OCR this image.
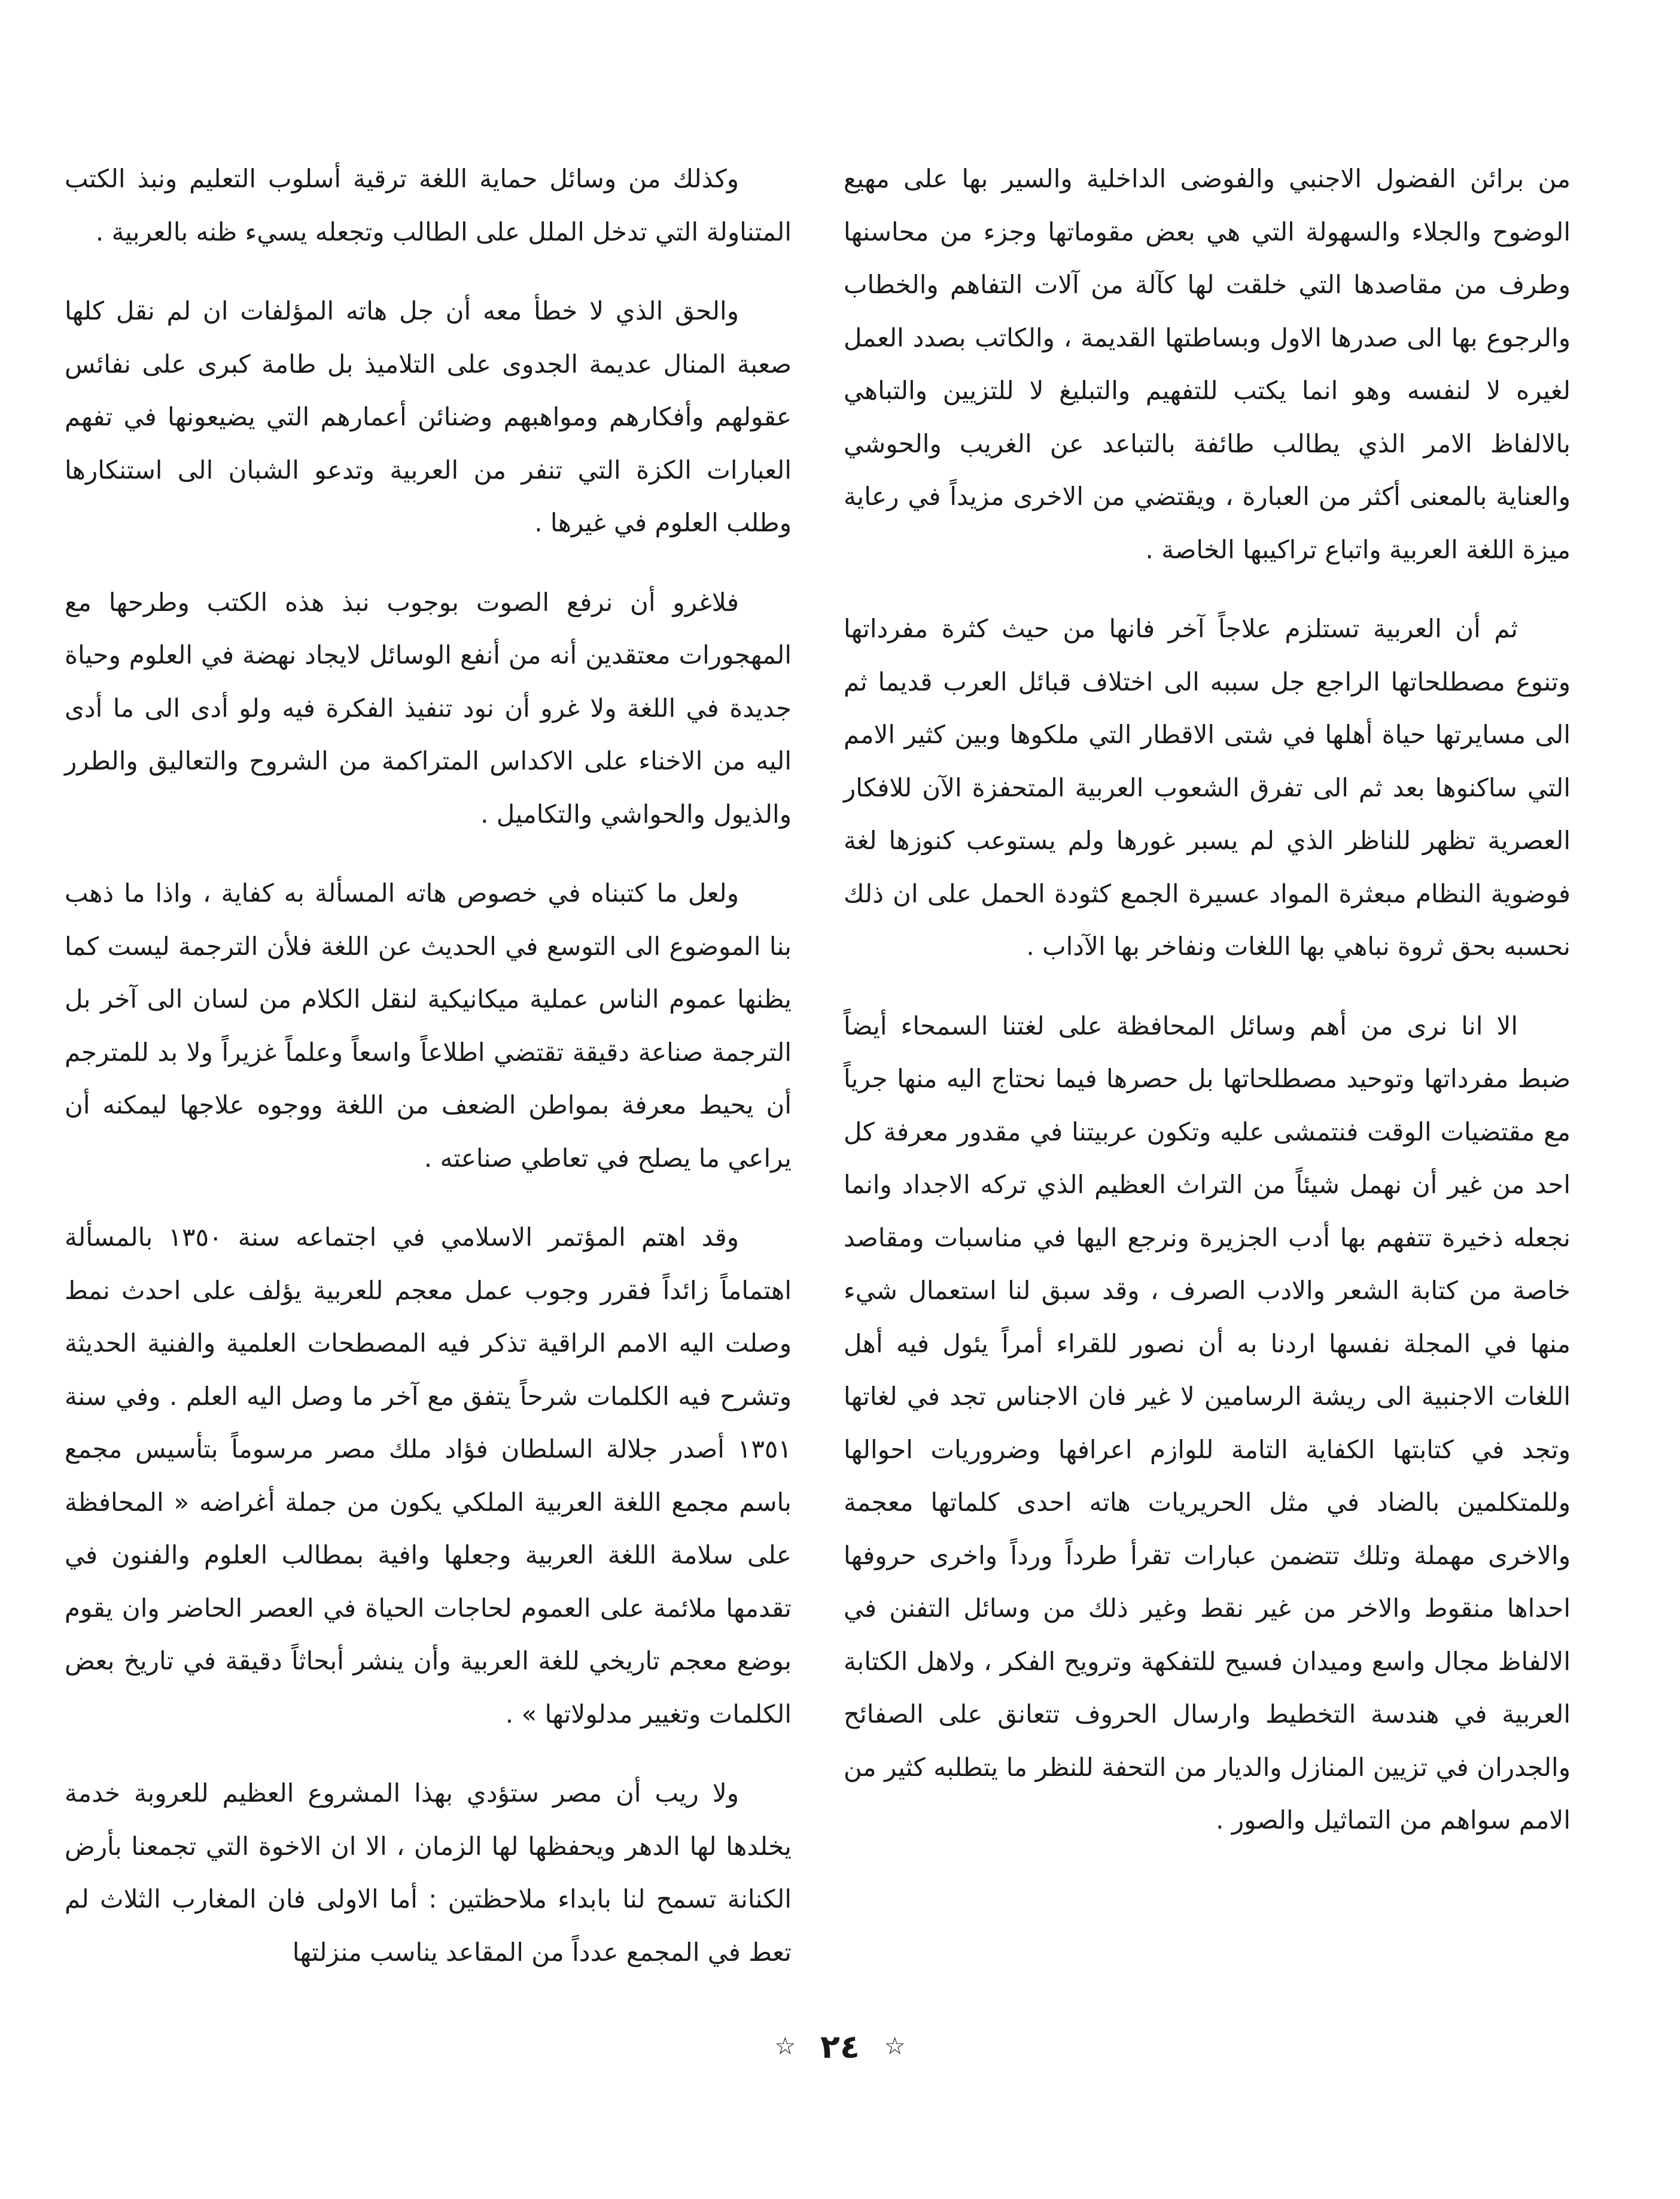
من برائن الفضول الاجنبي والفوضى الداخلية والسير بها على مهيع الوضوح والجلاء والسهولة التي هي بعض مقوماتها وجزء من محاسنها وطرف من مقاصدها التي خلقت لها كآلة من آلات التفاهم والخطاب والرجوع بها الى صدرها الاول وبساطتها القديمة ، والكاتب بصدد العمل لغيره لا لنفسه وهو انما يكتب للتفهيم والتبليغ لا للتزيين والتباهي بالالفاظ الامر الذي يطالب طائفة بالتباعد عن الغريب والحوشي والعناية بالمعنى أكثر من العبارة ، ويقتضي من الاخرى مزيداً في رعاية ميزة اللغة العربية واتباع تراكيبها الخاصة .

ثم أن العربية تستلزم علاجاً آخر فانها من حيث كثرة مفرداتها وتنوع مصطلحاتها الراجع جل سببه الى اختلاف قبائل العرب قديما ثم الى مسايرتها حياة أهلها في شتى الاقطار التي ملكوها وبين كثير الامم التي ساكنوها بعد ثم الى تفرق الشعوب العربية المتحفزة الآن للافكار العصرية تظهر للناظر الذي لم يسبر غورها ولم يستوعب كنوزها لغة فوضوية النظام مبعثرة المواد عسيرة الجمع كثودة الحمل على ان ذلك نحسبه بحق ثروة نباهي بها اللغات ونفاخر بها الآداب .

الا انا نرى من أهم وسائل المحافظة على لغتنا السمحاء أيضاً ضبط مفرداتها وتوحيد مصطلحاتها بل حصرها فيما نحتاج اليه منها جرياً مع مقتضيات الوقت فنتمشى عليه وتكون عربيتنا في مقدور معرفة كل احد من غير أن نهمل شيئاً من التراث العظيم الذي تركه الاجداد وانما نجعله ذخيرة تتفهم بها أدب الجزيرة ونرجع اليها في مناسبات ومقاصد خاصة من كتابة الشعر والادب الصرف ، وقد سبق لنا استعمال شيء منها في المجلة نفسها اردنا به أن نصور للقراء أمراً يئول فيه أهل اللغات الاجنبية الى ريشة الرسامين لا غير فان الاجناس تجد في لغاتها وتجد في كتابتها الكفاية التامة للوازم اعرافها وضروريات احوالها وللمتكلمين بالضاد في مثل الحريريات هاته احدى كلماتها معجمة والاخرى مهملة وتلك تتضمن عبارات تقرأ طرداً ورداً واخرى حروفها احداها منقوط والاخر من غير نقط وغير ذلك من وسائل التفنن في الالفاظ مجال واسع وميدان فسيح للتفكهة وترويح الفكر ، ولاهل الكتابة العربية في هندسة التخطيط وارسال الحروف تتعانق على الصفائح والجدران في تزيين المنازل والديار من التحفة للنظر ما يتطلبه كثير من الامم سواهم من التماثيل والصور .

وكذلك من وسائل حماية اللغة ترقية أسلوب التعليم ونبذ الكتب المتناولة التي تدخل الملل على الطالب وتجعله يسيء ظنه بالعربية .

والحق الذي لا خطأ معه أن جل هاته المؤلفات ان لم نقل كلها صعبة المنال عديمة الجدوى على التلاميذ بل طامة كبرى على نفائس عقولهم وأفكارهم ومواهبهم وضنائن أعمارهم التي يضيعونها في تفهم العبارات الكزة التي تنفر من العربية وتدعو الشبان الى استنكارها وطلب العلوم في غيرها .

فلاغرو أن نرفع الصوت بوجوب نبذ هذه الكتب وطرحها مع المهجورات معتقدين أنه من أنفع الوسائل لايجاد نهضة في العلوم وحياة جديدة في اللغة ولا غرو أن نود تنفيذ الفكرة فيه ولو أدى الى ما أدى اليه من الاخناء على الاكداس المتراكمة من الشروح والتعاليق والطرر والذيول والحواشي والتكاميل .

ولعل ما كتبناه في خصوص هاته المسألة به كفاية ، واذا ما ذهب بنا الموضوع الى التوسع في الحديث عن اللغة فلأن الترجمة ليست كما يظنها عموم الناس عملية ميكانيكية لنقل الكلام من لسان الى آخر بل الترجمة صناعة دقيقة تقتضي اطلاعاً واسعاً وعلماً غزيراً ولا بد للمترجم أن يحيط معرفة بمواطن الضعف من اللغة ووجوه علاجها ليمكنه أن يراعي ما يصلح في تعاطي صناعته .

وقد اهتم المؤتمر الاسلامي في اجتماعه سنة ١٣٥٠ بالمسألة اهتماماً زائداً فقرر وجوب عمل معجم للعربية يؤلف على احدث نمط وصلت اليه الامم الراقية تذكر فيه المصطحات العلمية والفنية الحديثة وتشرح فيه الكلمات شرحاً يتفق مع آخر ما وصل اليه العلم . وفي سنة ١٣٥١ أصدر جلالة السلطان فؤاد ملك مصر مرسوماً بتأسيس مجمع باسم مجمع اللغة العربية الملكي يكون من جملة أغراضه « المحافظة على سلامة اللغة العربية وجعلها وافية بمطالب العلوم والفنون في تقدمها ملائمة على العموم لحاجات الحياة في العصر الحاضر وان يقوم بوضع معجم تاريخي للغة العربية وأن ينشر أبحاثاً دقيقة في تاريخ بعض الكلمات وتغيير مدلولاتها » .

ولا ريب أن مصر ستؤدي بهذا المشروع العظيم للعروبة خدمة يخلدها لها الدهر ويحفظها لها الزمان ، الا ان الاخوة التي تجمعنا بأرض الكنانة تسمح لنا بابداء ملاحظتين : أما الاولى فان المغارب الثلاث لم تعط في المجمع عدداً من المقاعد يناسب منزلتها

☆ ٢٤ ☆
